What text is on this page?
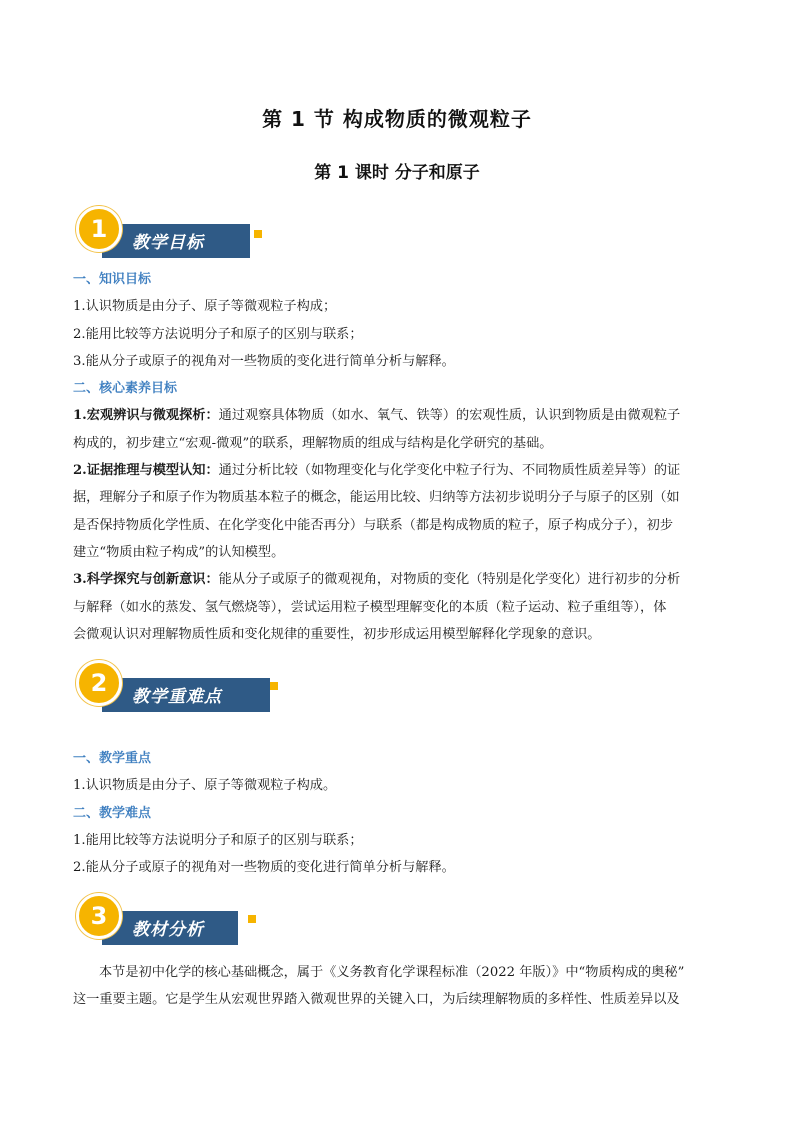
第 1 节 构成物质的微观粒子
第 1 课时 分子和原子
教学目标
1
一、知识目标
1.认识物质是由分子、原子等微观粒子构成；
2.能用比较等方法说明分子和原子的区别与联系；
3.能从分子或原子的视角对一些物质的变化进行简单分析与解释。
二、核心素养目标
1.宏观辨识与微观探析：通过观察具体物质（如水、氧气、铁等）的宏观性质，认识到物质是由微观粒子
构成的，初步建立“宏观-微观”的联系，理解物质的组成与结构是化学研究的基础。
2.证据推理与模型认知：通过分析比较（如物理变化与化学变化中粒子行为、不同物质性质差异等）的证
据，理解分子和原子作为物质基本粒子的概念，能运用比较、归纳等方法初步说明分子与原子的区别（如
是否保持物质化学性质、在化学变化中能否再分）与联系（都是构成物质的粒子，原子构成分子），初步
建立“物质由粒子构成”的认知模型。
3.科学探究与创新意识：能从分子或原子的微观视角，对物质的变化（特别是化学变化）进行初步的分析
与解释（如水的蒸发、氢气燃烧等），尝试运用粒子模型理解变化的本质（粒子运动、粒子重组等），体
会微观认识对理解物质性质和变化规律的重要性，初步形成运用模型解释化学现象的意识。
教学重难点
2
一、教学重点
1.认识物质是由分子、原子等微观粒子构成。
二、教学难点
1.能用比较等方法说明分子和原子的区别与联系；
2.能从分子或原子的视角对一些物质的变化进行简单分析与解释。
教材分析
3
本节是初中化学的核心基础概念，属于《义务教育化学课程标准（2022 年版）》中“物质构成的奥秘”
这一重要主题。它是学生从宏观世界踏入微观世界的关键入口，为后续理解物质的多样性、性质差异以及
